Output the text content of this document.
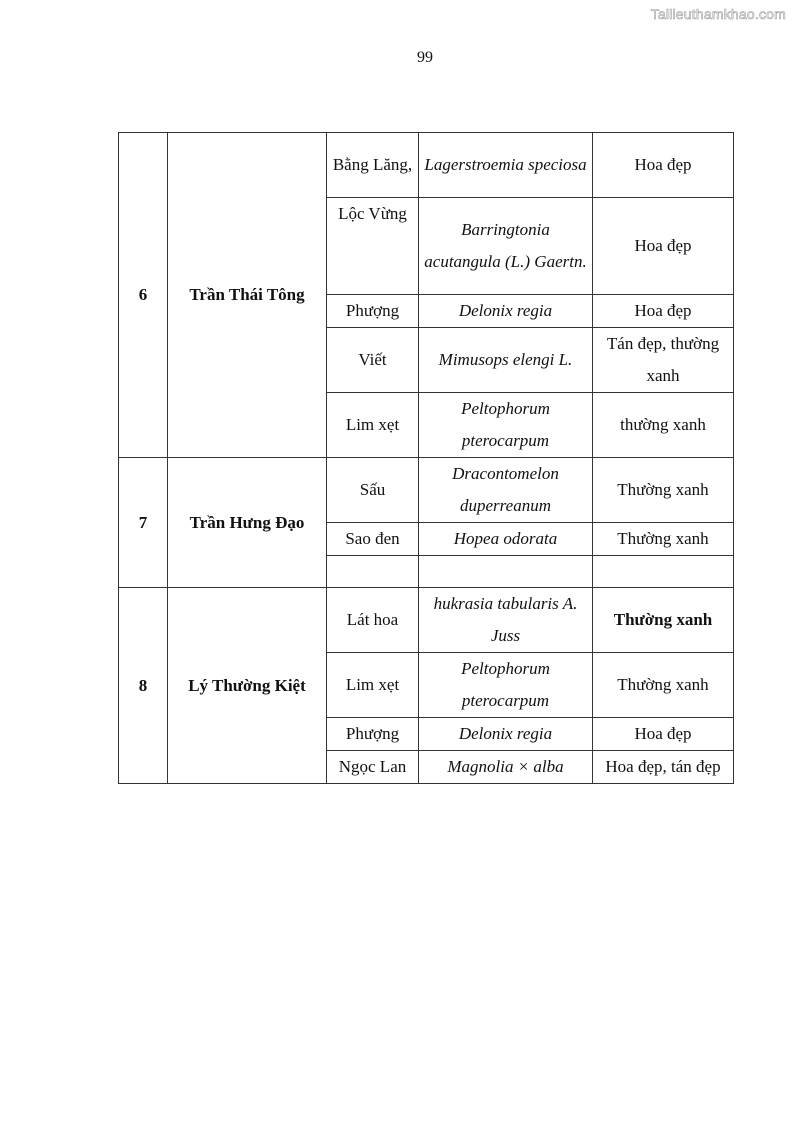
Tailieuthamkhao.com
99
6	Trần Thái Tông	Bằng Lăng,	Lagerstroemia speciosa	Hoa đẹp
		Lộc Vừng	Barringtonia acutangula (L.) Gaertn.	Hoa đẹp
		Phượng	Delonix regia	Hoa đẹp
		Viết	Mimusops elengi L.	Tán đẹp, thường xanh
		Lim xẹt	Peltophorum pterocarpum	thường xanh
7	Trần Hưng Đạo	Sấu	Dracontomelon duperreanum	Thường xanh
		Sao đen	Hopea odorata	Thường xanh

8	Lý Thường Kiệt	Lát hoa	hukrasia tabularis A. Juss	Thường xanh
		Lim xẹt	Peltophorum pterocarpum	Thường xanh
		Phượng	Delonix regia	Hoa đẹp
		Ngọc Lan	Magnolia × alba	Hoa đẹp, tán đẹp
